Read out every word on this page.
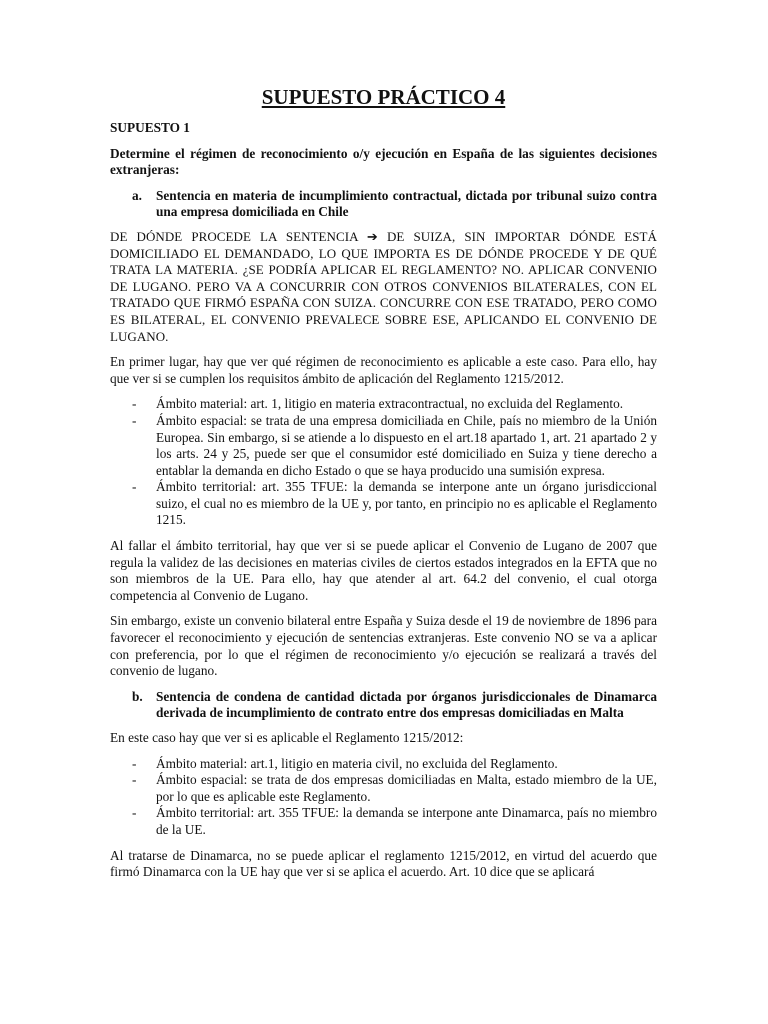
SUPUESTO PRÁCTICO 4

SUPUESTO 1

Determine el régimen de reconocimiento o/y ejecución en España de las siguientes decisiones extranjeras:

a.	Sentencia en materia de incumplimiento contractual, dictada por tribunal suizo contra una empresa domiciliada en Chile

DE DÓNDE PROCEDE LA SENTENCIA ➔ DE SUIZA, SIN IMPORTAR DÓNDE ESTÁ DOMICILIADO EL DEMANDADO, LO QUE IMPORTA ES DE DÓNDE PROCEDE Y DE QUÉ TRATA LA MATERIA. ¿SE PODRÍA APLICAR EL REGLAMENTO? NO. APLICAR CONVENIO DE LUGANO. PERO VA A CONCURRIR CON OTROS CONVENIOS BILATERALES, CON EL TRATADO QUE FIRMÓ ESPAÑA CON SUIZA. CONCURRE CON ESE TRATADO, PERO COMO ES BILATERAL, EL CONVENIO PREVALECE SOBRE ESE, APLICANDO EL CONVENIO DE LUGANO.

En primer lugar, hay que ver qué régimen de reconocimiento es aplicable a este caso. Para ello, hay que ver si se cumplen los requisitos ámbito de aplicación del Reglamento 1215/2012.

-	Ámbito material: art. 1, litigio en materia extracontractual, no excluida del Reglamento.
-	Ámbito espacial: se trata de una empresa domiciliada en Chile, país no miembro de la Unión Europea. Sin embargo, si se atiende a lo dispuesto en el art.18 apartado 1, art. 21 apartado 2 y los arts. 24 y 25, puede ser que el consumidor esté domiciliado en Suiza y tiene derecho a entablar la demanda en dicho Estado o que se haya producido una sumisión expresa.
-	Ámbito territorial: art. 355 TFUE: la demanda se interpone ante un órgano jurisdiccional suizo, el cual no es miembro de la UE y, por tanto, en principio no es aplicable el Reglamento 1215.

Al fallar el ámbito territorial, hay que ver si se puede aplicar el Convenio de Lugano de 2007 que regula la validez de las decisiones en materias civiles de ciertos estados integrados en la EFTA que no son miembros de la UE. Para ello, hay que atender al art. 64.2 del convenio, el cual otorga competencia al Convenio de Lugano.

Sin embargo, existe un convenio bilateral entre España y Suiza desde el 19 de noviembre de 1896 para favorecer el reconocimiento y ejecución de sentencias extranjeras. Este convenio NO se va a aplicar con preferencia, por lo que el régimen de reconocimiento y/o ejecución se realizará a través del convenio de lugano.

b. Sentencia de condena de cantidad dictada por órganos jurisdiccionales de Dinamarca derivada de incumplimiento de contrato entre dos empresas domiciliadas en Malta

En este caso hay que ver si es aplicable el Reglamento 1215/2012:

-	Ámbito material: art.1, litigio en materia civil, no excluida del Reglamento.
-	Ámbito espacial: se trata de dos empresas domiciliadas en Malta, estado miembro de la UE, por lo que es aplicable este Reglamento.
-	Ámbito territorial: art. 355 TFUE: la demanda se interpone ante Dinamarca, país no miembro de la UE.

Al tratarse de Dinamarca, no se puede aplicar el reglamento 1215/2012, en virtud del acuerdo que firmó Dinamarca con la UE hay que ver si se aplica el acuerdo. Art. 10 dice que se aplicará
